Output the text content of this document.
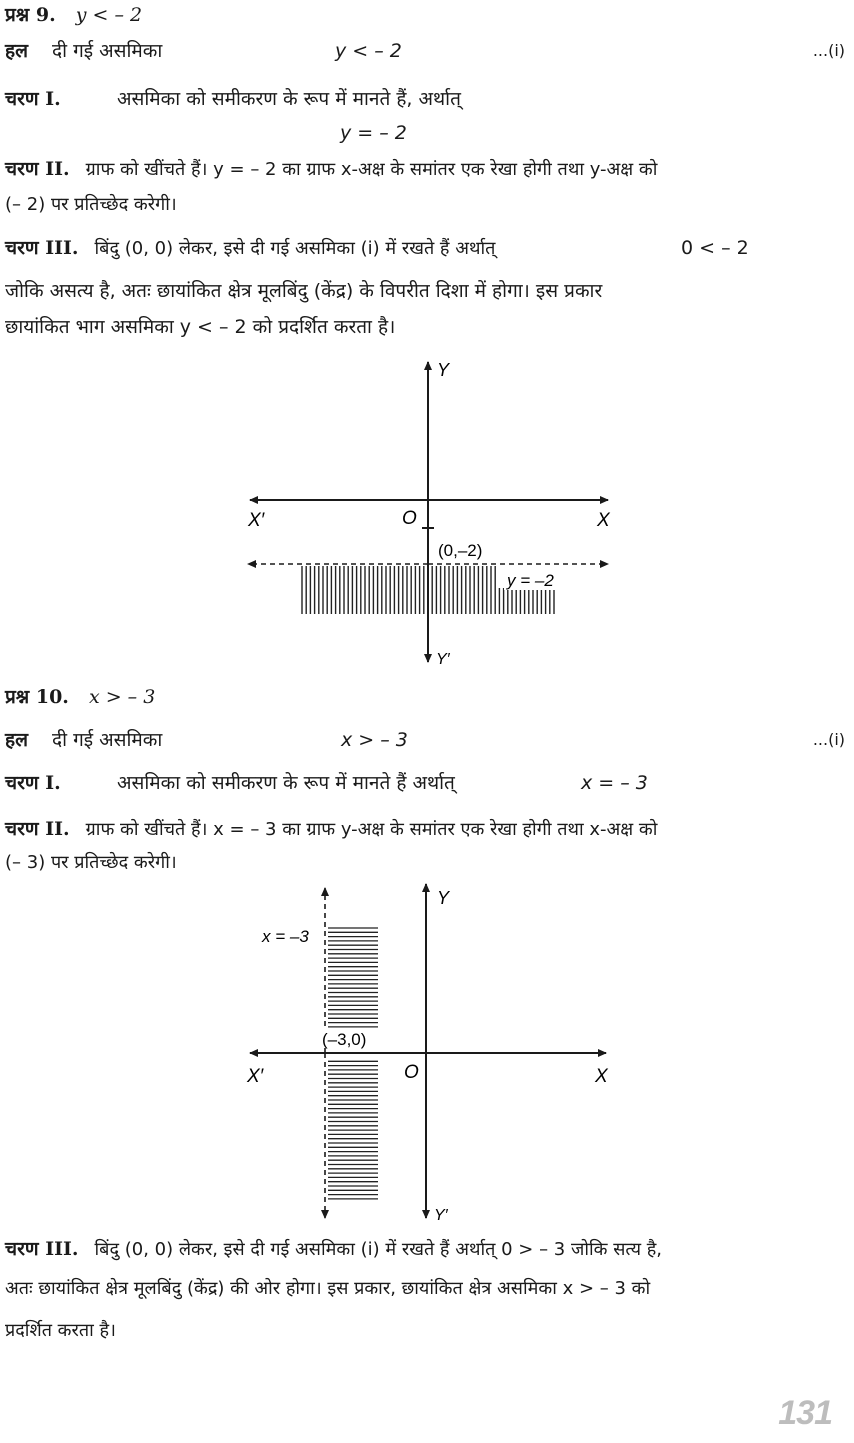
प्रश्न 9. y < – 2
हल दी गई असमिका	y < – 2	...(i)
चरण I.	असमिका को समीकरण के रूप में मानते हैं, अर्थात्
y = – 2
चरण II. ग्राफ को खींचते हैं। y = – 2 का ग्राफ x-अक्ष के समांतर एक रेखा होगी तथा y-अक्ष को
(– 2) पर प्रतिच्छेद करेगी।
चरण III. बिंदु (0, 0) लेकर, इसे दी गई असमिका (i) में रखते हैं अर्थात्	0 < – 2
जोकि असत्य है, अतः छायांकित क्षेत्र मूलबिंदु (केंद्र) के विपरीत दिशा में होगा। इस प्रकार
छायांकित भाग असमिका y < – 2 को प्रदर्शित करता है।
Y
Y′
X
X′	O
(0,–2)
y = –2
प्रश्न 10. x > – 3
हल दी गई असमिका	x > – 3	...(i)
चरण I.	असमिका को समीकरण के रूप में मानते हैं अर्थात्	x = – 3
चरण II. ग्राफ को खींचते हैं। x = – 3 का ग्राफ y-अक्ष के समांतर एक रेखा होगी तथा x-अक्ष को
(– 3) पर प्रतिच्छेद करेगी।
Y
Y′
X
X′	O
(–3,0)
x = –3
चरण III. बिंदु (0, 0) लेकर, इसे दी गई असमिका (i) में रखते हैं अर्थात् 0 > – 3 जोकि सत्य है,
अतः छायांकित क्षेत्र मूलबिंदु (केंद्र) की ओर होगा। इस प्रकार, छायांकित क्षेत्र असमिका x > – 3 को
प्रदर्शित करता है।
131
